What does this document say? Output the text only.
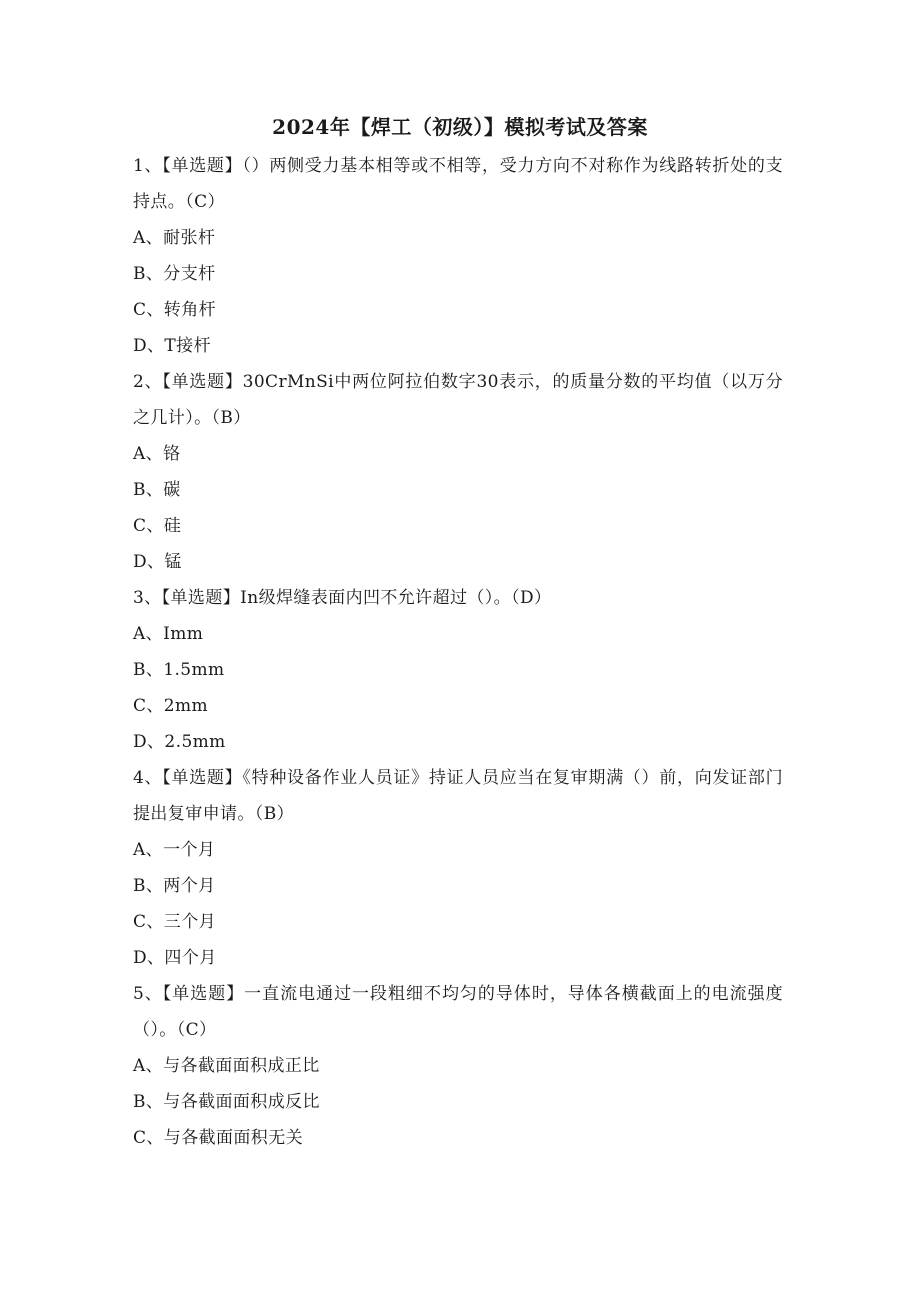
2024年【焊工（初级）】模拟考试及答案

1、【单选题】（）两侧受力基本相等或不相等，受力方向不对称作为线路转折处的支持点。（C）

A、耐张杆

B、分支杆

C、转角杆

D、T接杆

2、【单选题】30CrMnSi中两位阿拉伯数字30表示，的质量分数的平均值（以万分之几计）。（B）

A、铬

B、碳

C、硅

D、锰

3、【单选题】In级焊缝表面内凹不允许超过（）。（D）

A、Imm

B、1.5mm

C、2mm

D、2.5mm

4、【单选题】《特种设备作业人员证》持证人员应当在复审期满（）前，向发证部门提出复审申请。（B）

A、一个月

B、两个月

C、三个月

D、四个月

5、【单选题】一直流电通过一段粗细不均匀的导体时，导体各横截面上的电流强度（）。（C）

A、与各截面面积成正比

B、与各截面面积成反比

C、与各截面面积无关
